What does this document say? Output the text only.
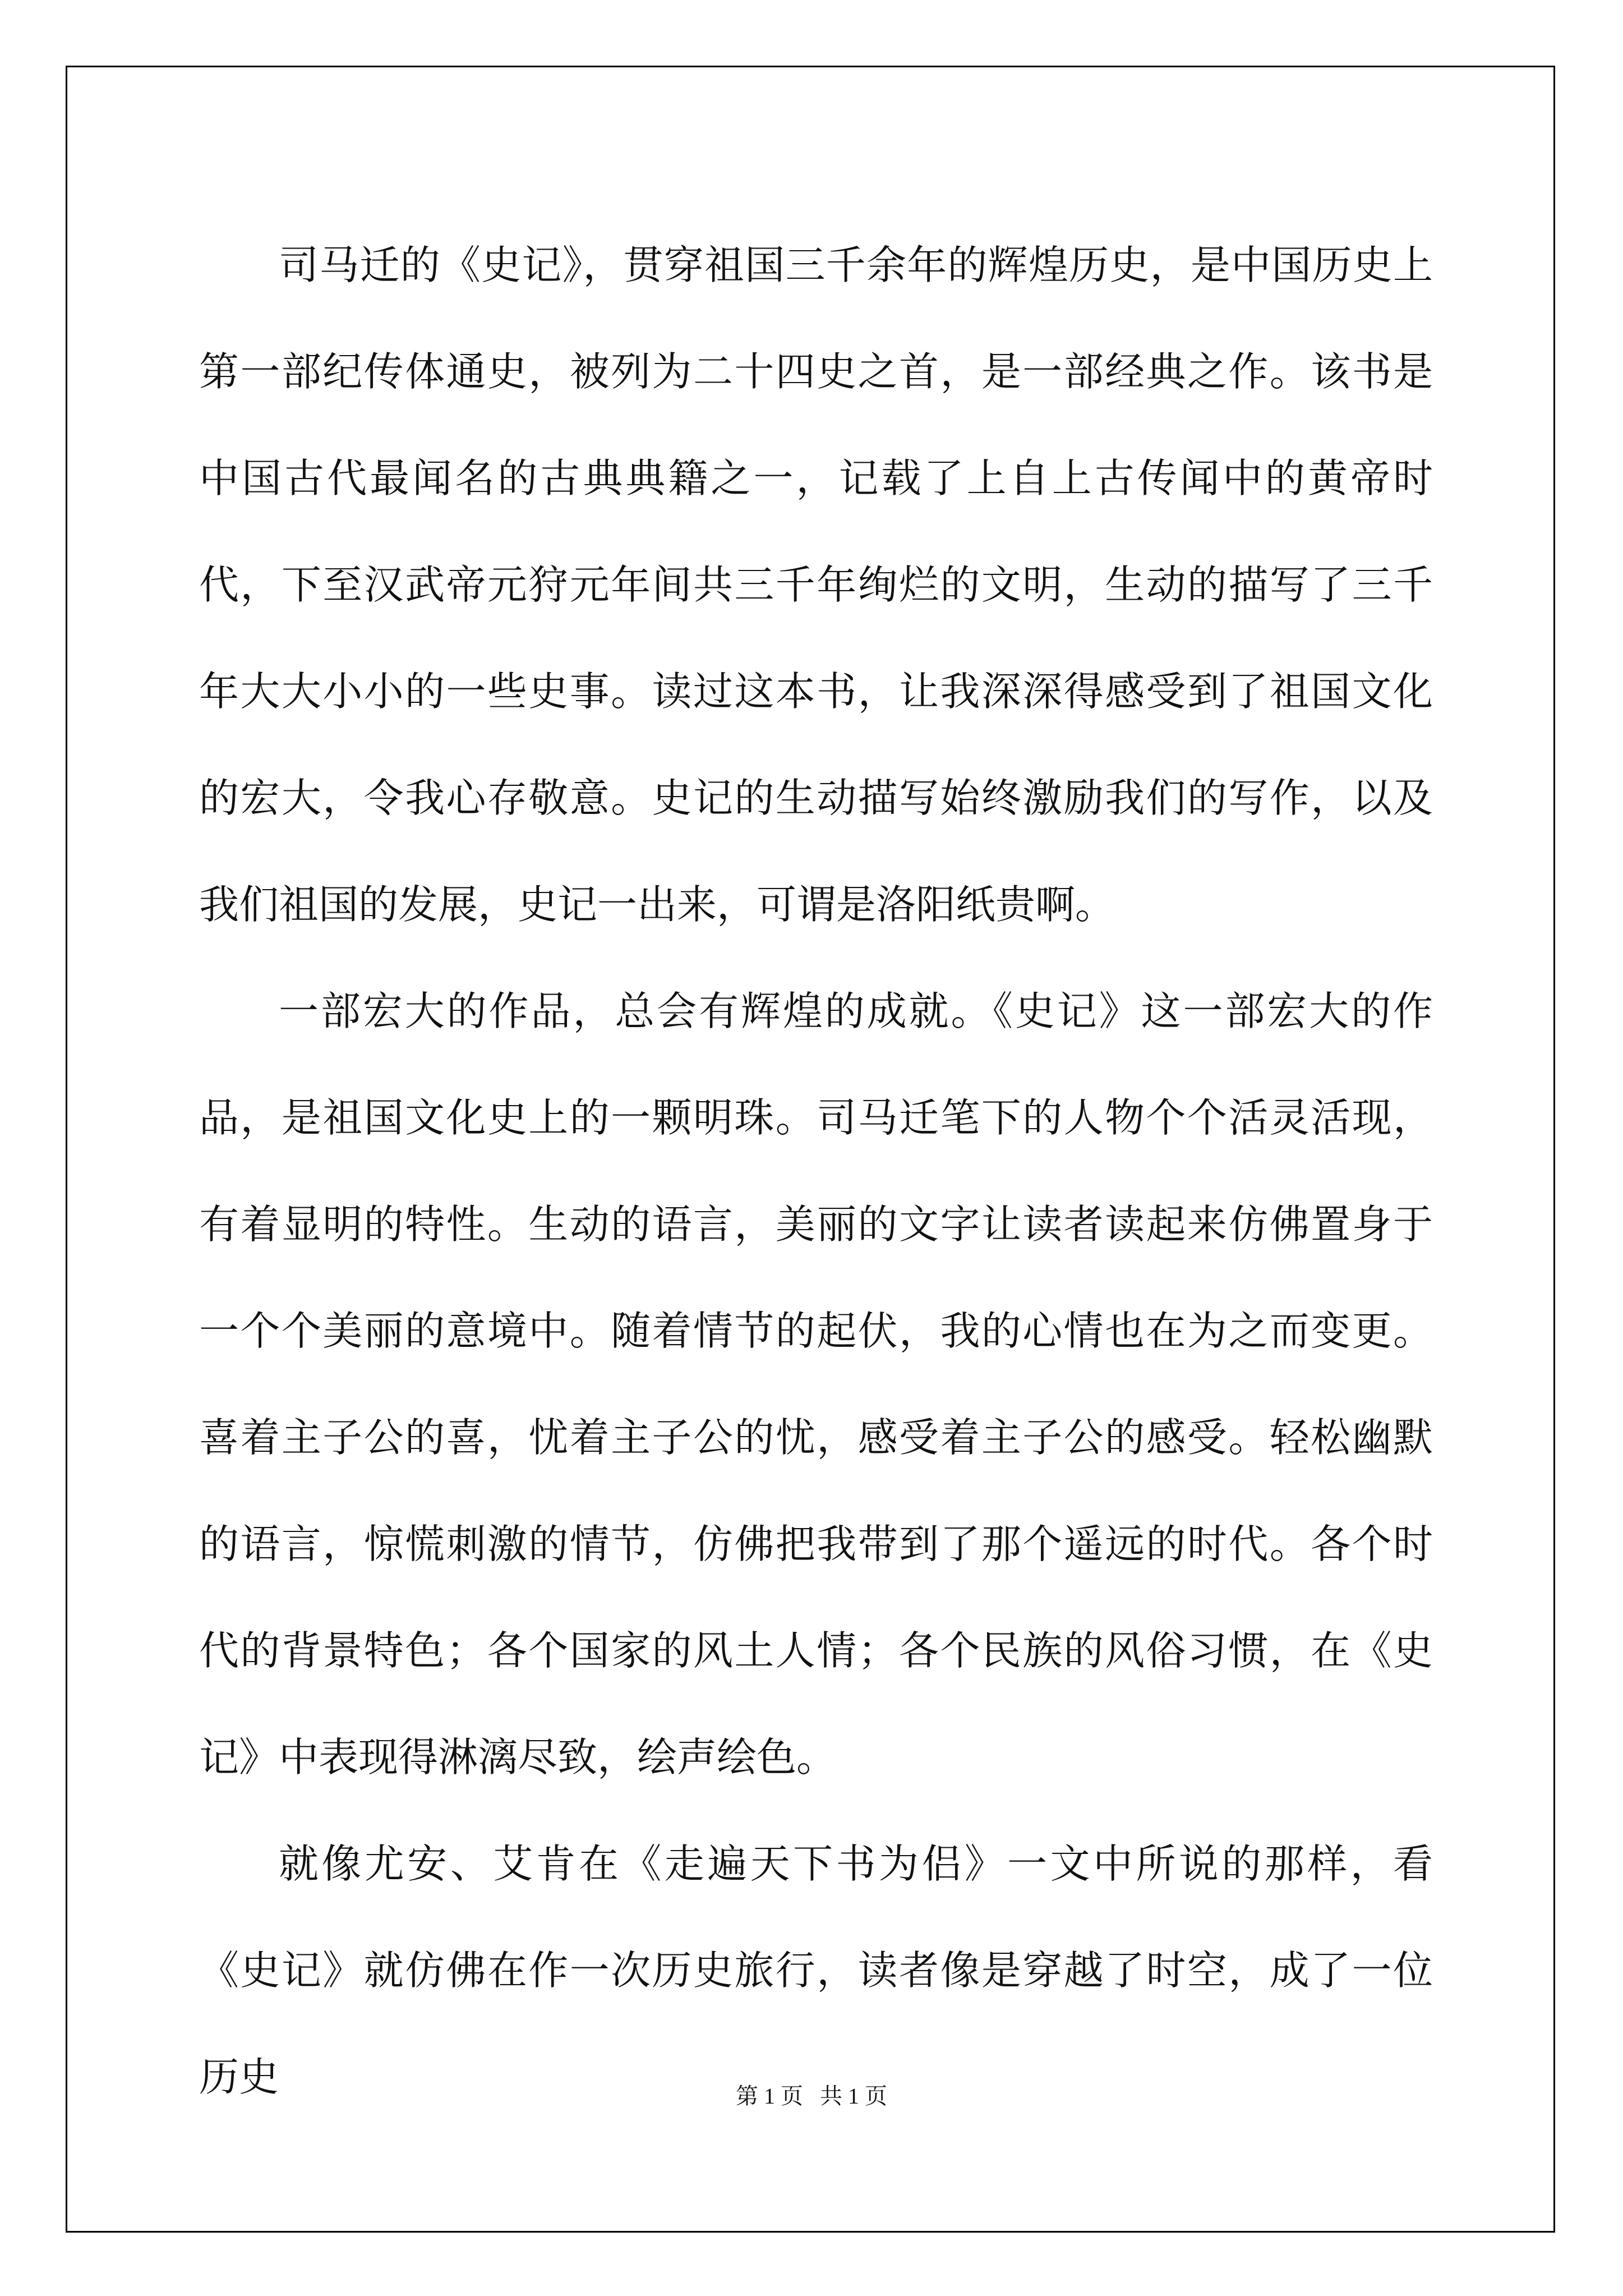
司马迁的《史记》，贯穿祖国三千余年的辉煌历史，是中国历史上第一部纪传体通史，被列为二十四史之首，是一部经典之作。该书是中国古代最闻名的古典典籍之一，记载了上自上古传闻中的黄帝时代，下至汉武帝元狩元年间共三千年绚烂的文明，生动的描写了三千年大大小小的一些史事。读过这本书，让我深深得感受到了祖国文化的宏大，令我心存敬意。史记的生动描写始终激励我们的写作，以及我们祖国的发展，史记一出来，可谓是洛阳纸贵啊。

一部宏大的作品，总会有辉煌的成就。《史记》这一部宏大的作品，是祖国文化史上的一颗明珠。司马迁笔下的人物个个活灵活现，有着显明的特性。生动的语言，美丽的文字让读者读起来仿佛置身于一个个美丽的意境中。随着情节的起伏，我的心情也在为之而变更。喜着主子公的喜，忧着主子公的忧，感受着主子公的感受。轻松幽默的语言，惊慌刺激的情节，仿佛把我带到了那个遥远的时代。各个时代的背景特色；各个国家的风土人情；各个民族的风俗习惯，在《史记》中表现得淋漓尽致，绘声绘色。

就像尤安、艾肯在《走遍天下书为侣》一文中所说的那样，看《史记》就仿佛在作一次历史旅行，读者像是穿越了时空，成了一位历史	第 1 页   共 1 页
